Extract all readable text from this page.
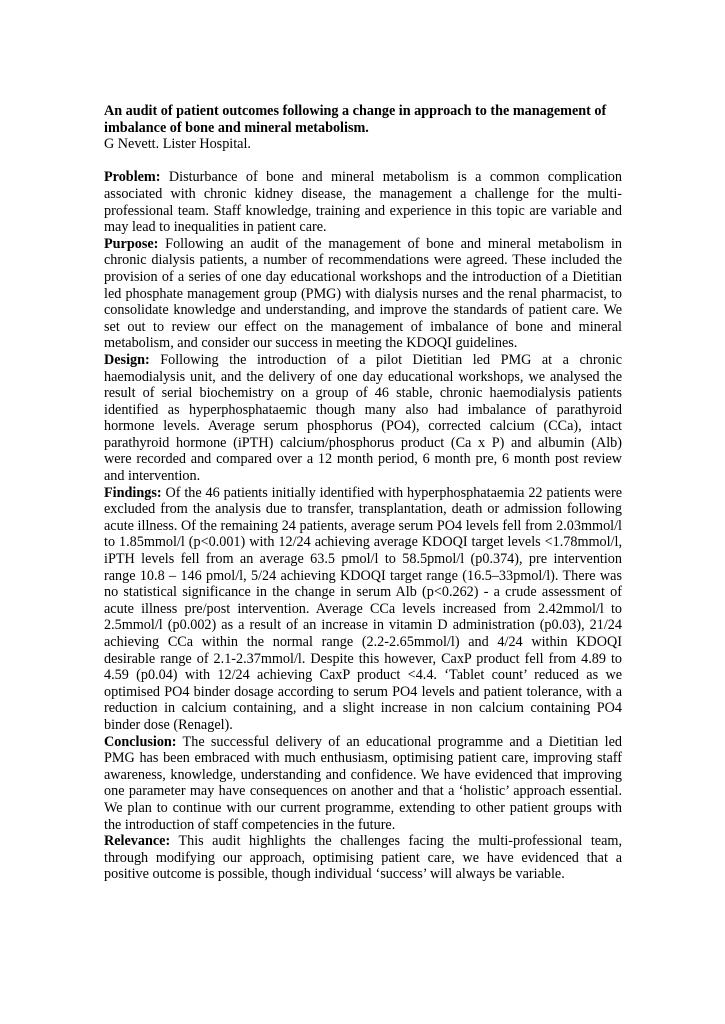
An audit of patient outcomes following a change in approach to the management of imbalance of bone and mineral metabolism.

G Nevett. Lister Hospital.

Problem: Disturbance of bone and mineral metabolism is a common complication associated with chronic kidney disease, the management a challenge for the multi-professional team. Staff knowledge, training and experience in this topic are variable and may lead to inequalities in patient care.

Purpose: Following an audit of the management of bone and mineral metabolism in chronic dialysis patients, a number of recommendations were agreed. These included the provision of a series of one day educational workshops and the introduction of a Dietitian led phosphate management group (PMG) with dialysis nurses and the renal pharmacist, to consolidate knowledge and understanding, and improve the standards of patient care. We set out to review our effect on the management of imbalance of bone and mineral metabolism, and consider our success in meeting the KDOQI guidelines.

Design: Following the introduction of a pilot Dietitian led PMG at a chronic haemodialysis unit, and the delivery of one day educational workshops, we analysed the result of serial biochemistry on a group of 46 stable, chronic haemodialysis patients identified as hyperphosphataemic though many also had imbalance of parathyroid hormone levels. Average serum phosphorus (PO4), corrected calcium (CCa), intact parathyroid hormone (iPTH) calcium/phosphorus product (Ca x P) and albumin (Alb) were recorded and compared over a 12 month period, 6 month pre, 6 month post review and intervention.

Findings: Of the 46 patients initially identified with hyperphosphataemia 22 patients were excluded from the analysis due to transfer, transplantation, death or admission following acute illness. Of the remaining 24 patients, average serum PO4 levels fell from 2.03mmol/l to 1.85mmol/l (p<0.001) with 12/24 achieving average KDOQI target levels <1.78mmol/l, iPTH levels fell from an average 63.5 pmol/l to 58.5pmol/l (p0.374), pre intervention range 10.8 – 146 pmol/l, 5/24 achieving KDOQI target range (16.5–33pmol/l). There was no statistical significance in the change in serum Alb (p<0.262) - a crude assessment of acute illness pre/post intervention. Average CCa levels increased from 2.42mmol/l to 2.5mmol/l (p0.002) as a result of an increase in vitamin D administration (p0.03), 21/24 achieving CCa within the normal range (2.2-2.65mmol/l) and 4/24 within KDOQI desirable range of 2.1-2.37mmol/l. Despite this however, CaxP product fell from 4.89 to 4.59 (p0.04) with 12/24 achieving CaxP product <4.4. ‘Tablet count’ reduced as we optimised PO4 binder dosage according to serum PO4 levels and patient tolerance, with a reduction in calcium containing, and a slight increase in non calcium containing PO4 binder dose (Renagel).

Conclusion: The successful delivery of an educational programme and a Dietitian led PMG has been embraced with much enthusiasm, optimising patient care, improving staff awareness, knowledge, understanding and confidence. We have evidenced that improving one parameter may have consequences on another and that a ‘holistic’ approach essential. We plan to continue with our current programme, extending to other patient groups with the introduction of staff competencies in the future.

Relevance: This audit highlights the challenges facing the multi-professional team, through modifying our approach, optimising patient care, we have evidenced that a positive outcome is possible, though individual ‘success’ will always be variable.
